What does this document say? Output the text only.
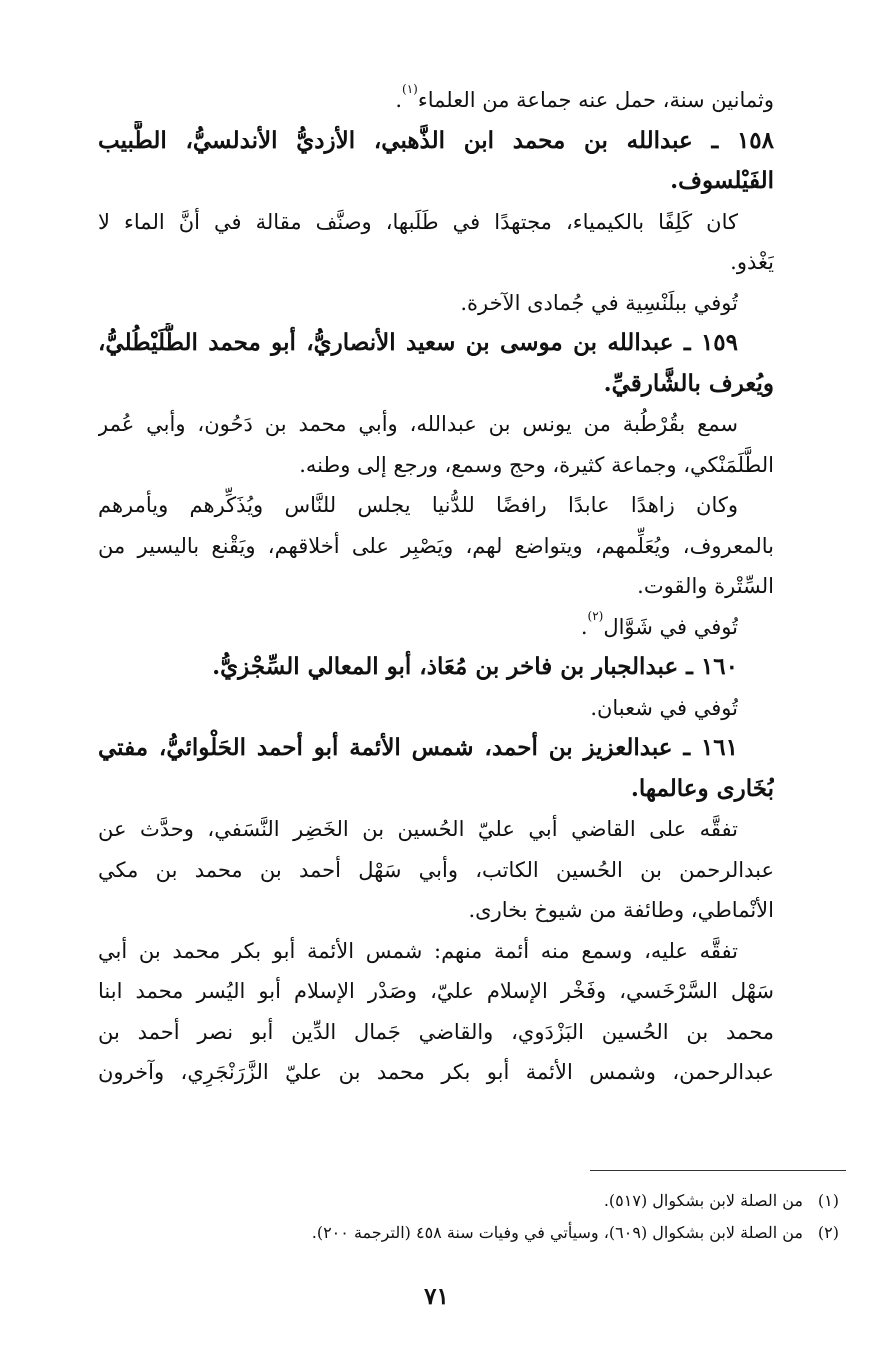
وثمانين سنة، حمل عنه جماعة من العلماء$^{(١)}$.
١٥٨ ـ عبدالله بن محمد ابن الذَّهبي، الأزديُّ الأندلسيُّ، الطَّبيب
الفَيْلسوف.
كان كَلِفًا بالكيمياء، مجتهدًا في طَلَبها، وصنَّف مقالة في أنَّ الماء لا
يَغْذو.
تُوفي ببلَنْسِية في جُمادى الآخرة.
١٥٩ ـ عبدالله بن موسى بن سعيد الأنصاريُّ، أبو محمد الطُّلَيْطُليُّ،
ويُعرف بالشَّارقيِّ.
سمع بقُرْطُبة من يونس بن عبدالله، وأبي محمد بن دَحُون، وأبي عُمر
الطَّلَمَنْكي، وجماعة كثيرة، وحج وسمع، ورجع إلى وطنه.
وكان زاهدًا عابدًا رافضًا للدُّنيا يجلس للنَّاس ويُذَكِّرهم ويأمرهم
بالمعروف، ويُعَلِّمهم، ويتواضع لهم، ويَصْبِر على أخلاقهم، ويَقْنع باليسير من
السِّتْرة والقوت.
تُوفي في شَوَّال$^{(٢)}$.
١٦٠ ـ عبدالجبار بن فاخر بن مُعَاذ، أبو المعالي السِّجْزيُّ.
تُوفي في شعبان.
١٦١ ـ عبدالعزيز بن أحمد، شمس الأئمة أبو أحمد الحَلْوائيُّ، مفتي
بُخَارى وعالمها.
تفقَّه على القاضي أبي عليّ الحُسين بن الخَضِر النَّسَفي، وحدَّث عن
عبدالرحمن بن الحُسين الكاتب، وأبي سَهْل أحمد بن محمد بن مكي
الأنْماطي، وطائفة من شيوخ بخارى.
تفقَّه عليه، وسمع منه أئمة منهم: شمس الأئمة أبو بكر محمد بن أبي
سَهْل السَّرْخَسي، وفَخْر الإسلام عليّ، وصَدْر الإسلام أبو اليُسر محمد ابنا
محمد بن الحُسين البَزْدَوي، والقاضي جَمال الدِّين أبو نصر أحمد بن
عبدالرحمن، وشمس الأئمة أبو بكر محمد بن عليّ الزَّرَنْجَرِي، وآخرون
(١)من الصلة لابن بشكوال (٥١٧).
(٢)من الصلة لابن بشكوال (٦٠٩)، وسيأتي في وفيات سنة ٤٥٨ (الترجمة ٢٠٠).
٧١
